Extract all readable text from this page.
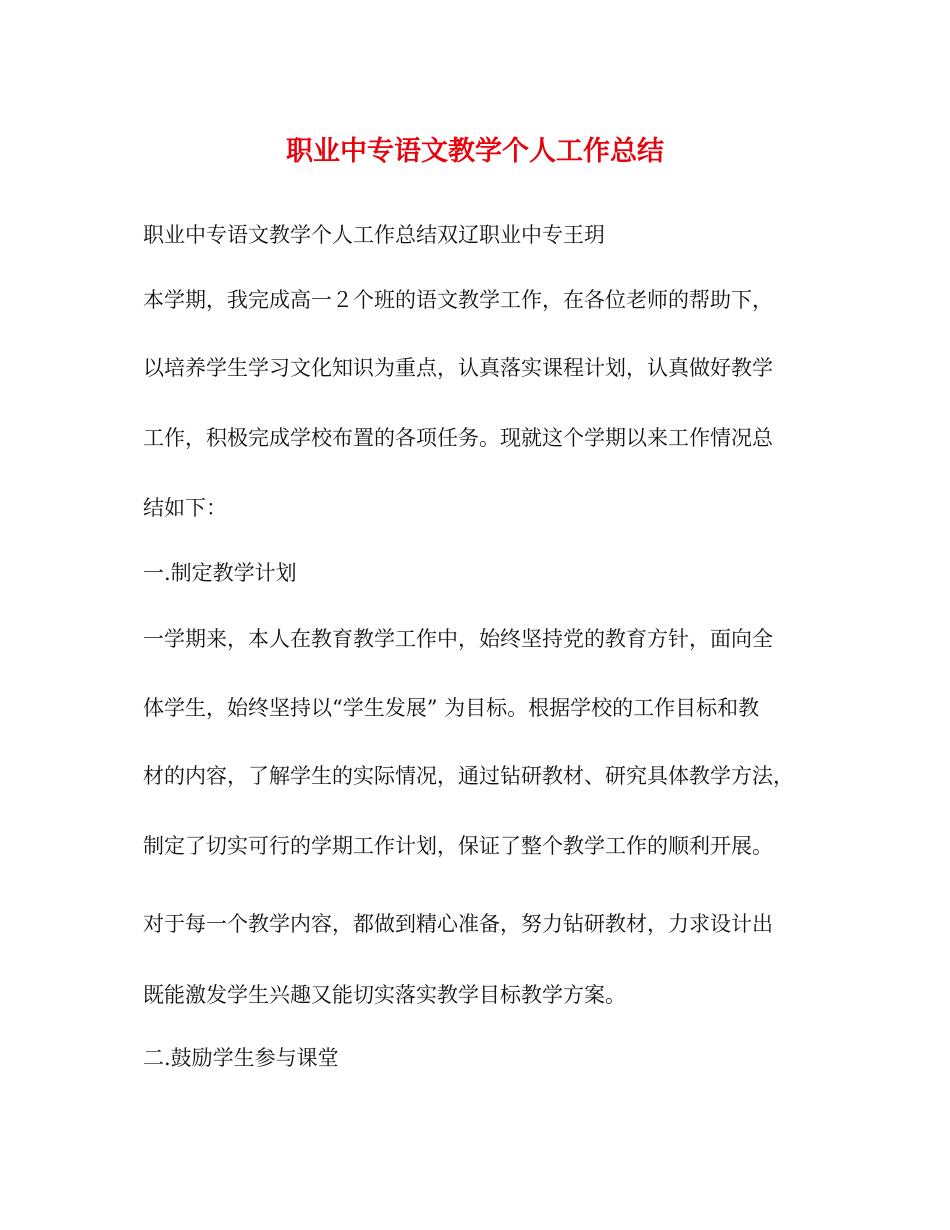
职业中专语文教学个人工作总结
职业中专语文教学个人工作总结双辽职业中专王玥
本学期，我完成高一２个班的语文教学工作，在各位老师的帮助下，
以培养学生学习文化知识为重点，认真落实课程计划，认真做好教学
工作，积极完成学校布置的各项任务。现就这个学期以来工作情况总
结如下：
一.制定教学计划
一学期来，本人在教育教学工作中，始终坚持党的教育方针，面向全
体学生，始终坚持以“学生发展” 为目标。根据学校的工作目标和教
材的内容，了解学生的实际情况，通过钻研教材、研究具体教学方法，
制定了切实可行的学期工作计划，保证了整个教学工作的顺利开展。
对于每一个教学内容，都做到精心准备，努力钻研教材，力求设计出
既能激发学生兴趣又能切实落实教学目标教学方案。
二.鼓励学生参与课堂
